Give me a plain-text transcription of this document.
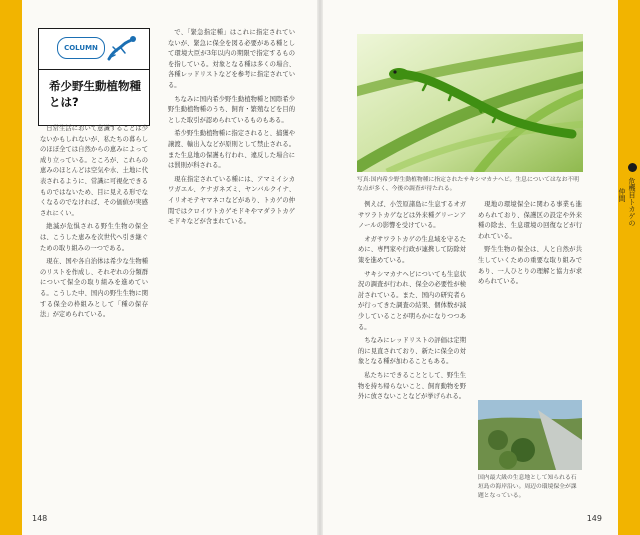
危機目トカゲの仲間
COLUMN
希少野生動植物種とは?

日常生活において意識することは少ないかもしれないが、私たちの暮らしのほぼ全ては自然からの恵みによって成り立っている。ところが、これらの恵みのほとんどは空気や水、土地に代表されるように、常識に可視化できるものではないため、目に見える形でなくなるのでなければ、その価値が実感されにくい。

絶滅が危惧される野生生物の保全は、こうした恵みを次世代へ引き継ぐための取り組みの一つである。

現在、国や各自治体は希少な生物種のリストを作成し、それぞれの分類群について保全の取り組みを進めている。こうした中、国内の野生生物に関する保全の枠組みとして「種の保存法」が定められている。

で、「緊急指定種」はこれに指定されていないが、緊急に保全を図る必要がある種として環境大臣が3年以内の期限で指定するものを指している。対象となる種は多くの場合、各種レッドリストなどを参考に指定されている。

ちなみに国内希少野生動植物種と国際希少野生動植物種のうち、飼育・繁殖などを目的とした取引が認められているものもある。

希少野生動植物種に指定されると、捕獲や譲渡、輸出入などが原則として禁止される。また生息地の保護も行われ、違反した場合には罰則が科される。

現在指定されている種には、アマミイシカワガエル、ケナガネズミ、ヤンバルクイナ、イリオモテヤマネコなどがあり、トカゲの仲間ではクロイワトカゲモドキやマダラトカゲモドキなどが含まれている。

写真:国内希少野生動植物種に指定されたサキシマカナヘビ。生息についてはなお不明な点が多く、今後の調査が待たれる。

例えば、小笠原諸島に生息するオガサワラトカゲなどは外来種グリーンアノールの影響を受けている。

オガサワラトカゲの生息域を守るために、専門家や行政が連携して防除対策を進めている。

サキシマカナヘビについても生息状況の調査が行われ、保全の必要性が検討されている。また、国内の研究者らが行ってきた調査の結果、個体数が減少していることが明らかになりつつある。

ちなみにレッドリストの評価は定期的に見直されており、新たに保全の対象となる種が加わることもある。

私たちにできることとして、野生生物を持ち帰らないこと、飼育動物を野外に放さないことなどが挙げられる。

現地の環境保全に関わる事業も進められており、保護区の設定や外来種の除去、生息環境の回復などが行われている。

野生生物の保全は、人と自然が共生していくための重要な取り組みであり、一人ひとりの理解と協力が求められている。

国内最大級の生息地として知られる石垣島の海岸沿い。周辺の環境保全が課題となっている。
148	149
